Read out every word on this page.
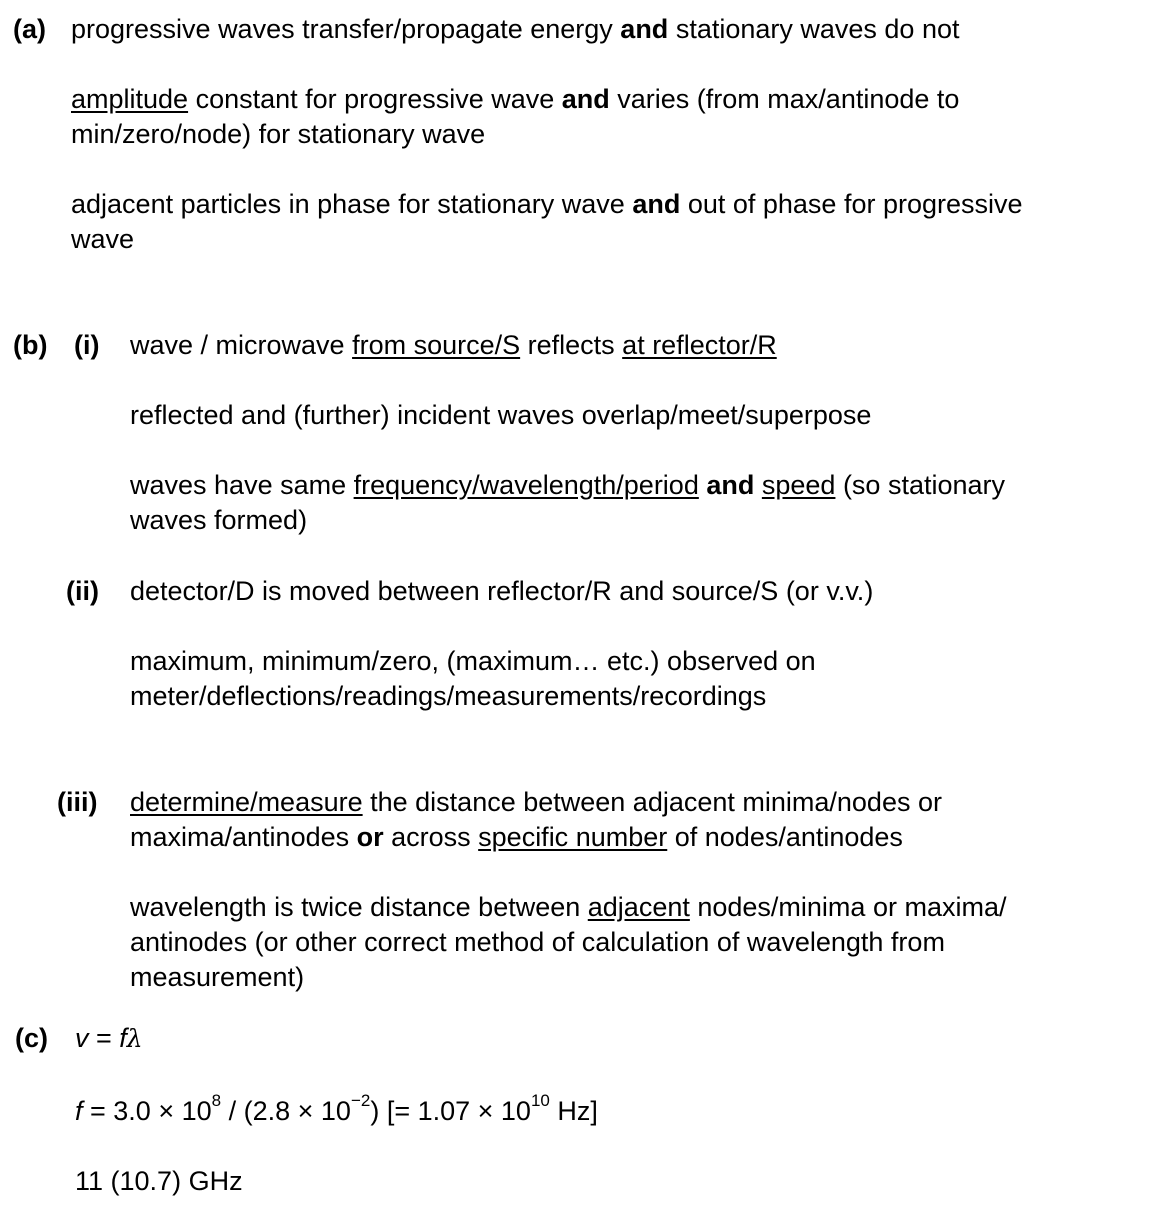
(a) progressive waves transfer/propagate energy and stationary waves do not
amplitude constant for progressive wave and varies (from max/antinode to
min/zero/node) for stationary wave
adjacent particles in phase for stationary wave and out of phase for progressive
wave
(b) (i) wave / microwave from source/S reflects at reflector/R
reflected and (further) incident waves overlap/meet/superpose
waves have same frequency/wavelength/period and speed (so stationary
waves formed)
(ii) detector/D is moved between reflector/R and source/S (or v.v.)
maximum, minimum/zero, (maximum… etc.) observed on
meter/deflections/readings/measurements/recordings
(iii) determine/measure the distance between adjacent minima/nodes or
maxima/antinodes or across specific number of nodes/antinodes
wavelength is twice distance between adjacent nodes/minima or maxima/
antinodes (or other correct method of calculation of wavelength from
measurement)
(c) v = fλ
$f = 3.0 \times 10^8 / (2.8 \times 10^{-2})$ [= $1.07 \times 10^{10}$ Hz]
11 (10.7) GHz
